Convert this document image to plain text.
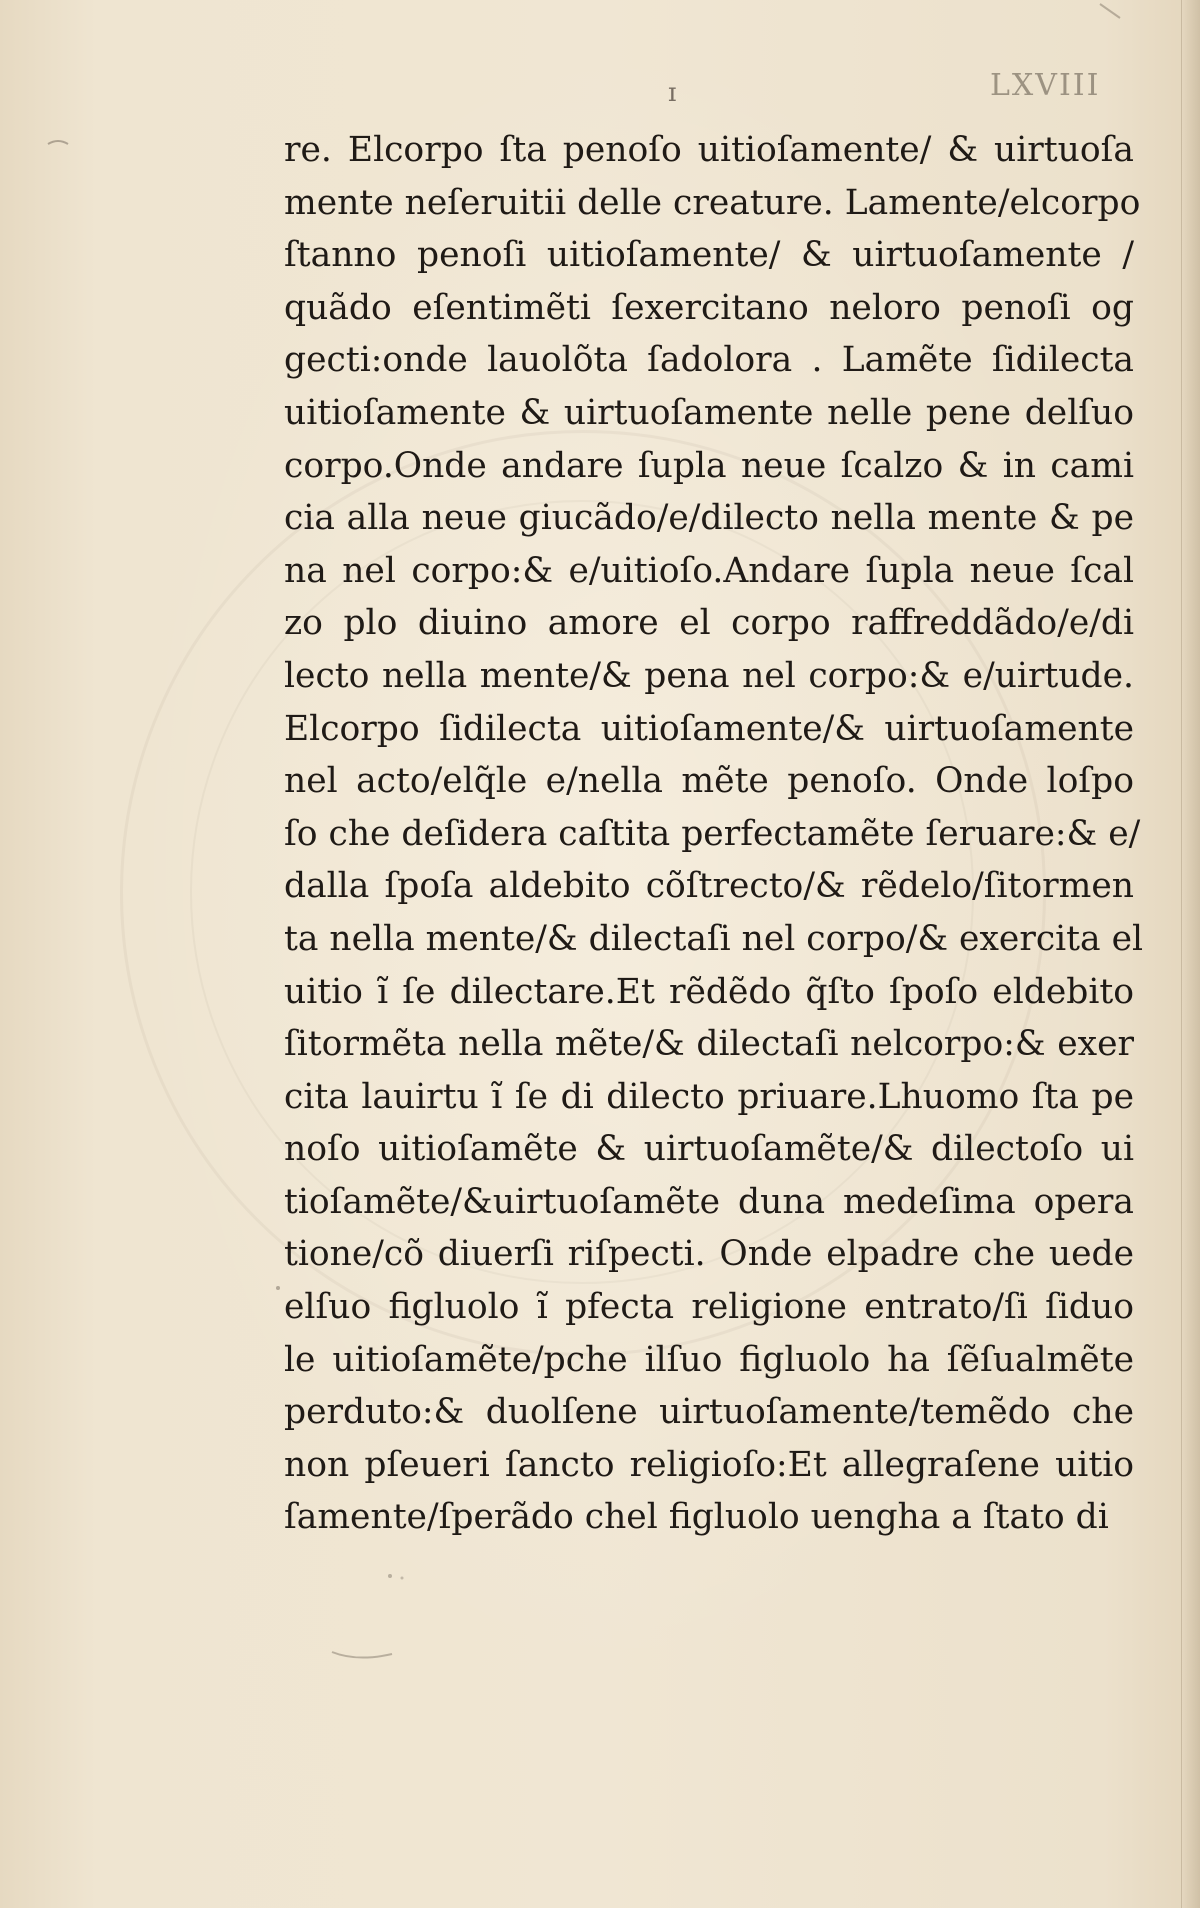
ɪ	LXVIII
re. Elcorpo ſta penoſo uitioſamente/ & uirtuoſa
mente neſeruitii delle creature. Lamente/elcorpo
ſtanno penoſi uitioſamente/ & uirtuoſamente /
quãdo eſentimẽti ſexercitano neloro penoſi og
gecti:onde lauolõta ſadolora . Lamẽte ſidilecta
uitioſamente & uirtuoſamente nelle pene delſuo
corpo.Onde andare ſupla neue ſcalzo & in cami
cia alla neue giucãdo/e/dilecto nella mente & pe
na nel corpo:& e/uitioſo.Andare ſupla neue ſcal
zo plo diuino amore el corpo raffreddãdo/e/di
lecto nella mente/& pena nel corpo:& e/uirtude.
Elcorpo ſidilecta uitioſamente/& uirtuoſamente
nel acto/elq̃le e/nella mẽte penoſo. Onde loſpo
ſo che deſidera caſtita perfectamẽte ſeruare:& e/
dalla ſpoſa aldebito cõſtrecto/& rẽdelo/ſitormen
ta nella mente/& dilectaſi nel corpo/& exercita el
uitio ĩ ſe dilectare.Et rẽdẽdo q̃ſto ſpoſo eldebito
ſitormẽta nella mẽte/& dilectaſi nelcorpo:& exer
cita lauirtu ĩ ſe di dilecto priuare.Lhuomo ſta pe
noſo uitioſamẽte & uirtuoſamẽte/& dilectoſo ui
tioſamẽte/&uirtuoſamẽte duna medeſima opera
tione/cõ diuerſi riſpecti. Onde elpadre che uede
elſuo figluolo ĩ pfecta religione entrato/ſi ſiduo
le uitioſamẽte/pche ilſuo figluolo ha ſẽſualmẽte
perduto:& duolſene uirtuoſamente/temẽdo che
non pſeueri ſancto religioſo:Et allegraſene uitio
ſamente/ſperãdo chel figluolo uengha a ſtato di
